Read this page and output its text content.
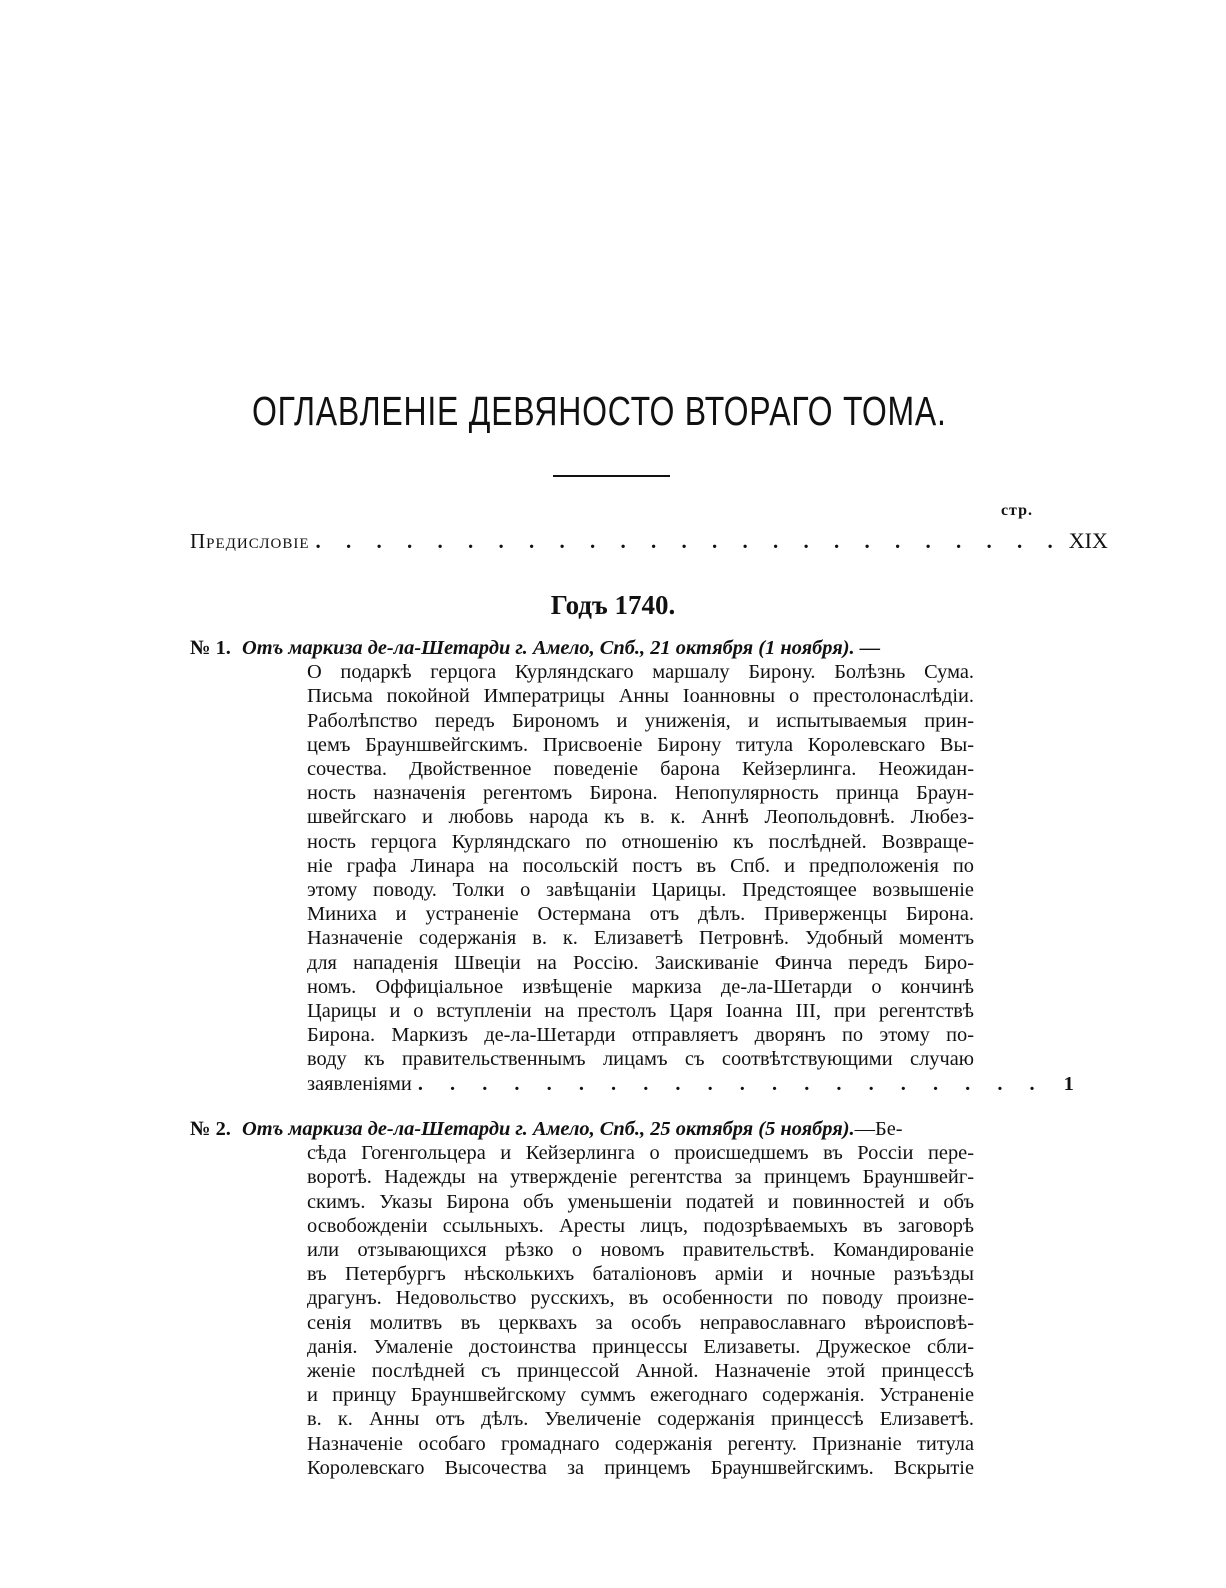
ОГЛАВЛЕНІЕ ДЕВЯНОСТО ВТОРАГО ТОМА.
стр.
Предисловіе . . . . . . . . . . . . . . . . . . . . . . . . . XIX
Годъ 1740.
№ 1. Отъ маркиза де-ла-Шетарди г. Амело, Спб., 21 октября (1 ноября). —
О подаркѣ герцога Курляндскаго маршалу Бирону. Болѣзнь Сума.
Письма покойной Императрицы Анны Іоанновны о престолонаслѣдіи.
Раболѣпство передъ Бирономъ и униженія, и испытываемыя прин-
цемъ Брауншвейгскимъ. Присвоеніе Бирону титула Королевскаго Вы-
сочества. Двойственное поведеніе барона Кейзерлинга. Неожидан-
ность назначенія регентомъ Бирона. Непопулярность принца Браун-
швейгскаго и любовь народа къ в. к. Аннѣ Леопольдовнѣ. Любез-
ность герцога Курляндскаго по отношенію къ послѣдней. Возвраще-
ніе графа Линара на посольскій постъ въ Спб. и предположенія по
этому поводу. Толки о завѣщаніи Царицы. Предстоящее возвышеніе
Миниха и устраненіе Остермана отъ дѣлъ. Приверженцы Бирона.
Назначеніе содержанія в. к. Елизаветѣ Петровнѣ. Удобный моментъ
для нападенія Швеціи на Россію. Заискиваніе Финча передъ Биро-
номъ. Оффиціальное извѣщеніе маркиза де-ла-Шетарди о кончинѣ
Царицы и о вступленіи на престолъ Царя Іоанна III, при регентствѣ
Бирона. Маркизъ де-ла-Шетарди отправляетъ дворянъ по этому по-
воду къ правительственнымъ лицамъ съ соотвѣтствующими случаю
заявленіями . . . . . . . . . . . . . . . . . . . . 1
№ 2. Отъ маркиза де-ла-Шетарди г. Амело, Спб., 25 октября (5 ноября). —Бе-
сѣда Гогенгольцера и Кейзерлинга о происшедшемъ въ Россіи пере-
воротѣ. Надежды на утвержденіе регентства за принцемъ Брауншвейг-
скимъ. Указы Бирона объ уменьшеніи податей и повинностей и объ
освобожденіи ссыльныхъ. Аресты лицъ, подозрѣваемыхъ въ заговорѣ
или отзывающихся рѣзко о новомъ правительствѣ. Командированіе
въ Петербургъ нѣсколькихъ баталіоновъ арміи и ночные разъѣзды
драгунъ. Недовольство русскихъ, въ особенности по поводу произне-
сенія молитвъ въ церквахъ за особъ неправославнаго вѣроисповѣ-
данія. Умаленіе достоинства принцессы Елизаветы. Дружеское сбли-
женіе послѣдней съ принцессой Анной. Назначеніе этой принцессѣ
и принцу Брауншвейгскому суммъ ежегоднаго содержанія. Устраненіе
в. к. Анны отъ дѣлъ. Увеличеніе содержанія принцессѣ Елизаветѣ.
Назначеніе особаго громаднаго содержанія регенту. Признаніе титула
Королевскаго Высочества за принцемъ Брауншвейгскимъ. Вскрытіе
